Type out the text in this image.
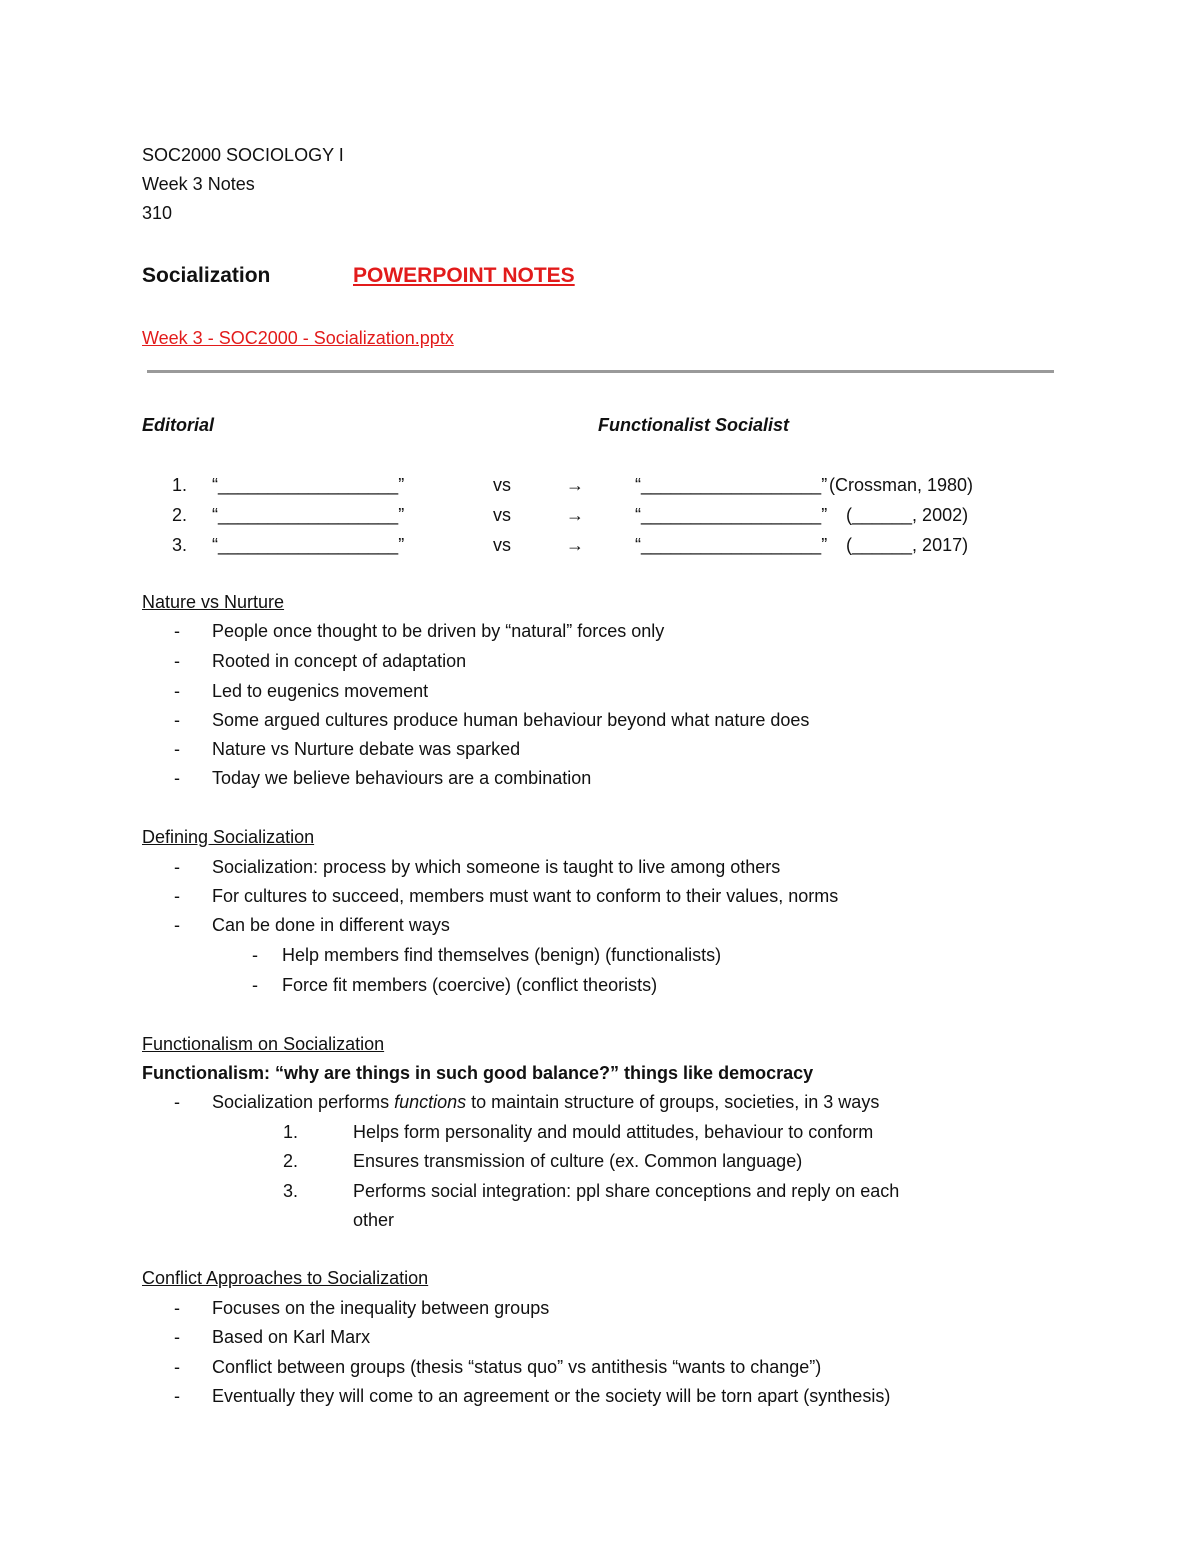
SOC2000 SOCIOLOGY I
Week 3 Notes
310
Socialization	POWERPOINT NOTES
Week 3 - SOC2000 - Socialization.pptx
Editorial	Functionalist Socialist
1. “__________________”	vs	→	“__________________” (Crossman, 1980)
2. “__________________”	vs	→	“__________________” (______, 2002)
3. “__________________”	vs	→	“__________________” (______, 2017)
Nature vs Nurture
- People once thought to be driven by “natural” forces only
- Rooted in concept of adaptation
- Led to eugenics movement
- Some argued cultures produce human behaviour beyond what nature does
- Nature vs Nurture debate was sparked
- Today we believe behaviours are a combination
Defining Socialization
- Socialization: process by which someone is taught to live among others
- For cultures to succeed, members must want to conform to their values, norms
- Can be done in different ways
- Help members find themselves (benign) (functionalists)
- Force fit members (coercive) (conflict theorists)
Functionalism on Socialization
Functionalism: “why are things in such good balance?” things like democracy
- Socialization performs functions to maintain structure of groups, societies, in 3 ways
1.	Helps form personality and mould attitudes, behaviour to conform
2.	Ensures transmission of culture (ex. Common language)
3.	Performs social integration: ppl share conceptions and reply on each
other
Conflict Approaches to Socialization
- Focuses on the inequality between groups
- Based on Karl Marx
- Conflict between groups (thesis “status quo” vs antithesis “wants to change”)
- Eventually they will come to an agreement or the society will be torn apart (synthesis)
